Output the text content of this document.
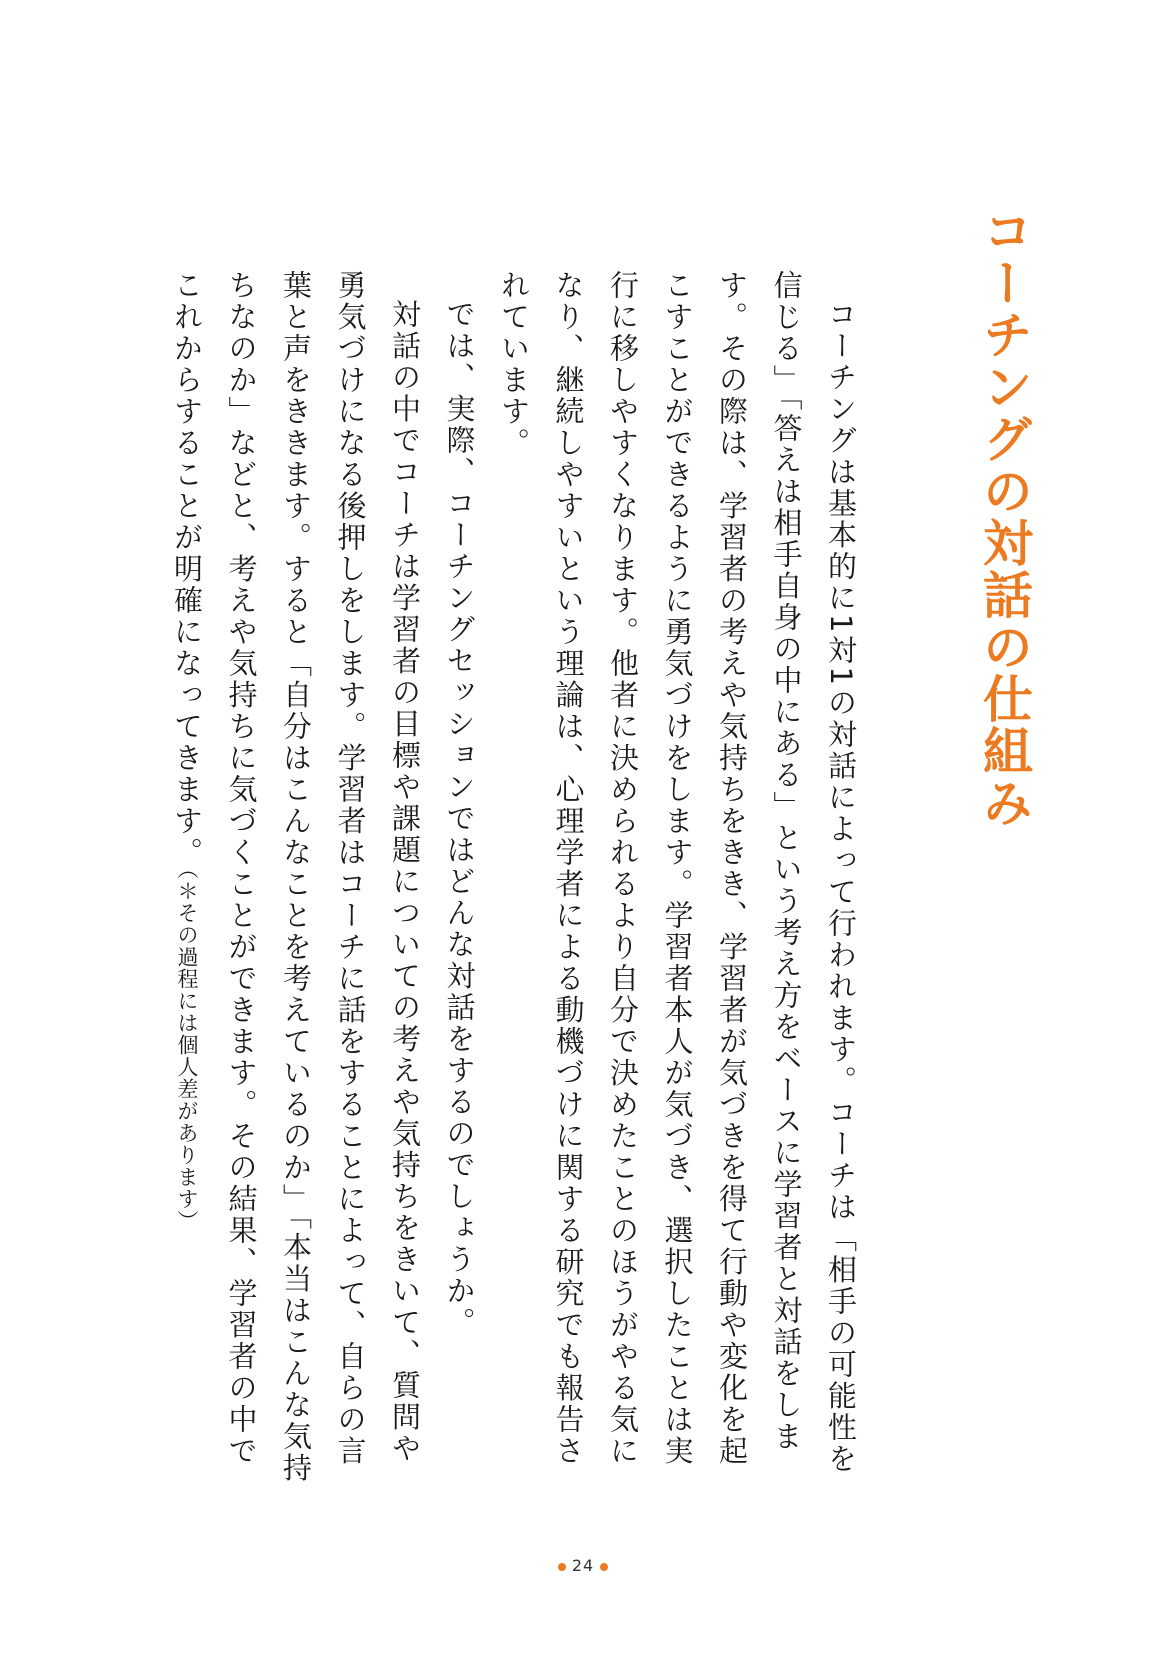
コーチングの対話の仕組み

コーチングは基本的に1対1の対話によって行われます。コーチは「相手の可能性を信じる」「答えは相手自身の中にある」という考え方をベースに学習者と対話をします。その際は、学習者の考えや気持ちをきき、学習者が気づきを得て行動や変化を起こすことができるように勇気づけをします。学習者本人が気づき、選択したことは実行に移しやすくなります。他者に決められるより自分で決めたことのほうがやる気になり、継続しやすいという理論は、心理学者による動機づけに関する研究でも報告されています。

では、実際、コーチングセッションではどんな対話をするのでしょうか。

対話の中でコーチは学習者の目標や課題についての考えや気持ちをきいて、質問や勇気づけになる後押しをします。学習者はコーチに話をすることによって、自らの言葉と声をききます。すると「自分はこんなことを考えているのか」「本当はこんな気持ちなのか」などと、考えや気持ちに気づくことができます。その結果、学習者の中でこれからすることが明確になってきます。（＊その過程には個人差があります）

24
